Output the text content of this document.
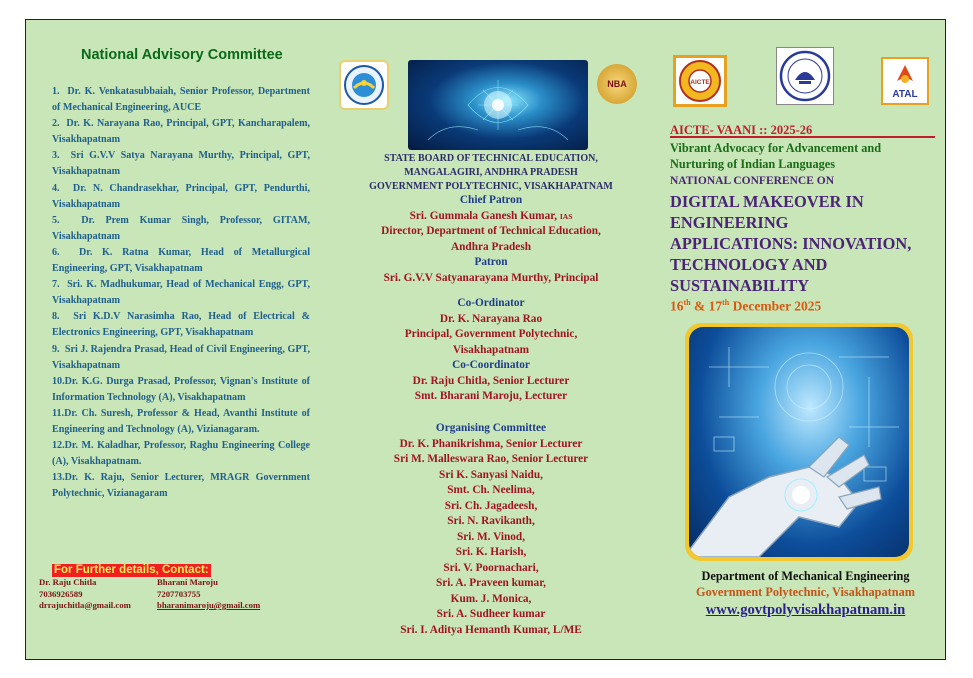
National Advisory Committee
1.  Dr. K. Venkatasubbaiah, Senior Professor, Department of Mechanical Engineering, AUCE
2.  Dr. K. Narayana Rao, Principal, GPT, Kancharapalem, Visakhapatnam
3.  Sri G.V.V Satya Narayana Murthy, Principal, GPT, Visakhapatnam
4.  Dr. N. Chandrasekhar, Principal, GPT, Pendurthi, Visakhapatnam
5.  Dr. Prem Kumar Singh, Professor, GITAM, Visakhapatnam
6.  Dr. K. Ratna Kumar, Head of Metallurgical Engineering, GPT, Visakhapatnam
7.  Sri. K. Madhukumar, Head of Mechanical Engg, GPT, Visakhapatnam
8.  Sri K.D.V Narasimha Rao, Head of Electrical & Electronics Engineering, GPT, Visakhapatnam
9.  Sri J. Rajendra Prasad, Head of Civil Engineering, GPT, Visakhapatnam
10.Dr. K.G. Durga Prasad, Professor, Vignan's Institute of Information Technology (A), Visakhapatnam
11.Dr. Ch. Suresh, Professor & Head, Avanthi Institute of Engineering and Technology (A), Vizianagaram.
12.Dr. M. Kaladhar, Professor, Raghu Engineering College (A), Visakhapatnam.
13.Dr. K. Raju, Senior Lecturer, MRAGR Government Polytechnic, Vizianagaram
For Further details, Contact:
Dr. Raju Chitla
7036926589
drrajuchitla@gmail.com
Bharani Maroju
7207703755
bharanimaroju@gmail.com
NBA
STATE BOARD OF TECHNICAL EDUCATION,
MANGALAGIRI, ANDHRA PRADESH
GOVERNMENT POLYTECHNIC, VISAKHAPATNAM
Chief Patron
Sri. Gummala Ganesh Kumar, IAS
Director, Department of Technical Education,
Andhra Pradesh
Patron
Sri. G.V.V Satyanarayana Murthy, Principal
Co-Ordinator
Dr. K. Narayana Rao
Principal, Government Polytechnic,
Visakhapatnam
Co-Coordinator
Dr. Raju Chitla, Senior Lecturer
Smt. Bharani Maroju, Lecturer
Organising Committee
Dr. K. Phanikrishma, Senior Lecturer
Sri M. Malleswara Rao, Senior Lecturer
Sri K. Sanyasi Naidu,
Smt. Ch. Neelima,
Sri. Ch. Jagadeesh,
Sri. N. Ravikanth,
Sri. M. Vinod,
Sri. K. Harish,
Sri. V. Poornachari,
Sri. A. Praveen kumar,
Kum. J. Monica,
Sri. A. Sudheer kumar
Sri. I. Aditya Hemanth Kumar, L/ME
AICTE
ATAL
AICTE- VAANI :: 2025-26
Vibrant Advocacy for Advancement and
Nurturing of Indian Languages
NATIONAL CONFERENCE ON
DIGITAL MAKEOVER IN
ENGINEERING
APPLICATIONS: INNOVATION,
TECHNOLOGY AND
SUSTAINABILITY
16th & 17th December 2025
Department of Mechanical Engineering
Government Polytechnic, Visakhapatnam
www.govtpolyvisakhapatnam.in
